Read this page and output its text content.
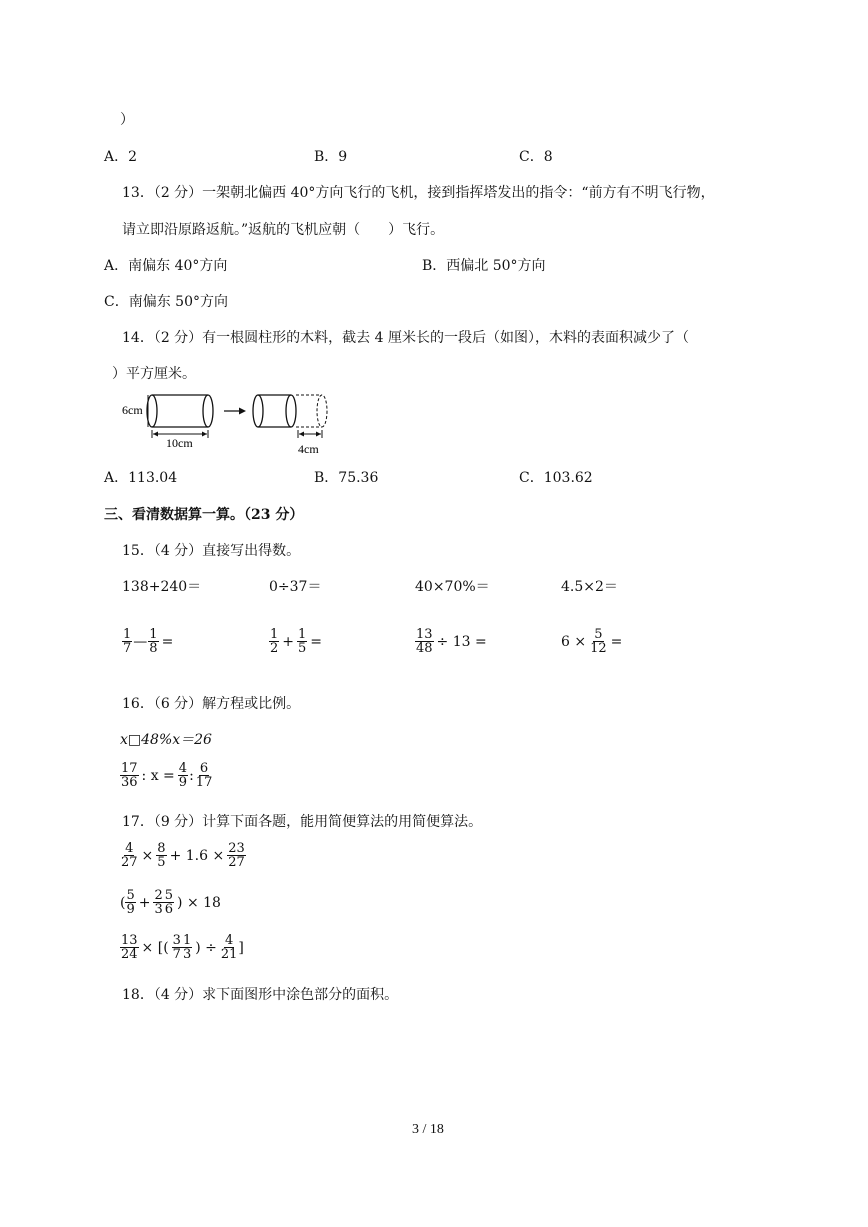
）
A．2	B．9	C．8
13．（2 分）一架朝北偏西 40°方向飞行的飞机，接到指挥塔发出的指令：“前方有不明飞行物，
请立即沿原路返航。”返航的飞机应朝（　　）飞行。
A．南偏东 40°方向	B．西偏北 50°方向
C．南偏东 50°方向
14．（2 分）有一根圆柱形的木料，截去 4 厘米长的一段后（如图），木料的表面积减少了（
）平方厘米。
6cm
10cm	4cm
A．113.04	B．75.36	C．103.62
三、看清数据算一算。（23 分）
15．（4 分）直接写出得数。
138+240＝	0÷37＝	40×70%＝	4.5×2＝
$\frac{1}{7}$ — $\frac{1}{8}$ =	$\frac{1}{2} + \frac{1}{5}$ =	$\frac{13}{48} \div 13$ =	$6 \times \frac{5}{12}$ =
16．（6 分）解方程或比例。
x□48%x＝26
$\frac{17}{36}$ : $x = \frac{4}{9}$ : $\frac{6}{17}$
17．（9 分）计算下面各题，能用简便算法的用简便算法。
$\frac{4}{27} \times \frac{8}{5} + 1.6 \times \frac{23}{27}$
( $\frac{5}{9} + \frac{2}{3} \frac{5}{6}$ ) × 18
$\frac{13}{24}$ × [( $\frac{3}{7} \frac{1}{3}$ ) ÷ $\frac{4}{21}$ ]
18．（4 分）求下面图形中涂色部分的面积。
3 / 18
